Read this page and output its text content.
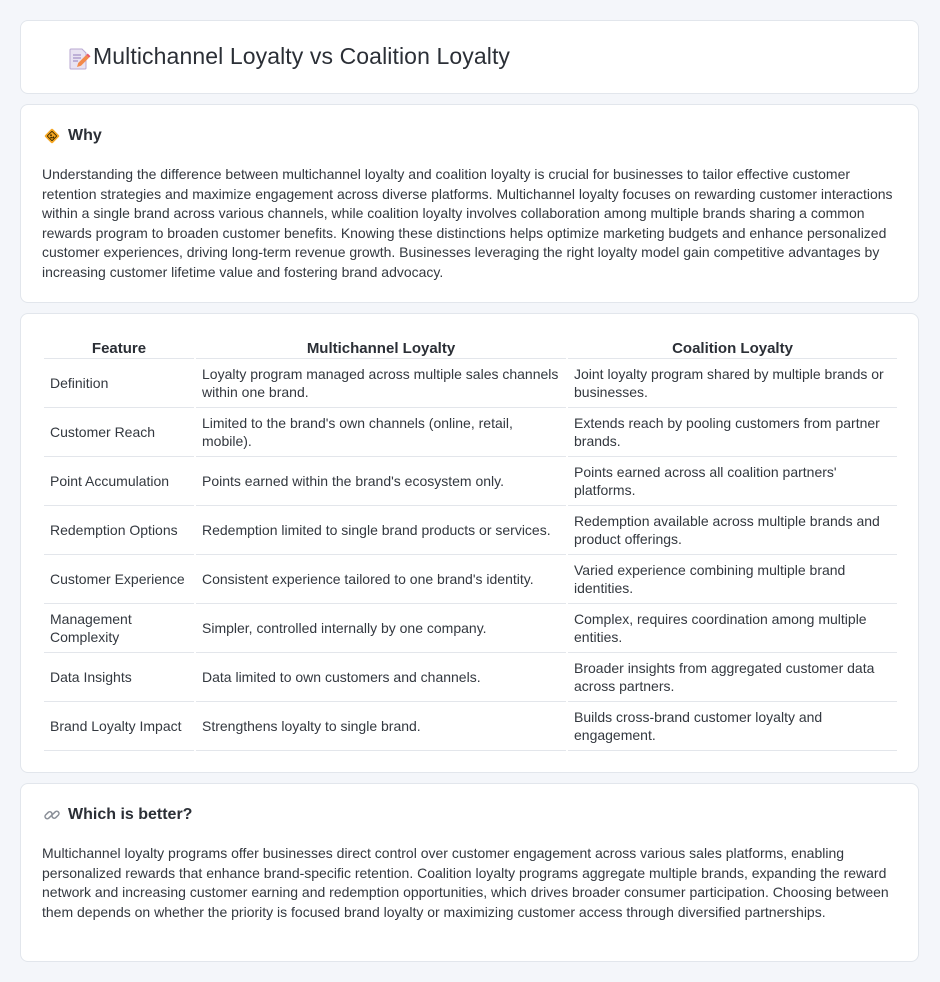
Multichannel Loyalty vs Coalition Loyalty
Why

Understanding the difference between multichannel loyalty and coalition loyalty is crucial for businesses to tailor effective customer retention strategies and maximize engagement across diverse platforms. Multichannel loyalty focuses on rewarding customer interactions within a single brand across various channels, while coalition loyalty involves collaboration among multiple brands sharing a common rewards program to broaden customer benefits. Knowing these distinctions helps optimize marketing budgets and enhance personalized customer experiences, driving long-term revenue growth. Businesses leveraging the right loyalty model gain competitive advantages by increasing customer lifetime value and fostering brand advocacy.

Feature	Multichannel Loyalty	Coalition Loyalty
Definition	Loyalty program managed across multiple sales channels within one brand.	Joint loyalty program shared by multiple brands or businesses.
Customer Reach	Limited to the brand's own channels (online, retail, mobile).	Extends reach by pooling customers from partner brands.
Point Accumulation	Points earned within the brand's ecosystem only.	Points earned across all coalition partners' platforms.
Redemption Options	Redemption limited to single brand products or services.	Redemption available across multiple brands and product offerings.
Customer Experience	Consistent experience tailored to one brand's identity.	Varied experience combining multiple brand identities.
Management Complexity	Simpler, controlled internally by one company.	Complex, requires coordination among multiple entities.
Data Insights	Data limited to own customers and channels.	Broader insights from aggregated customer data across partners.
Brand Loyalty Impact	Strengthens loyalty to single brand.	Builds cross-brand customer loyalty and engagement.
Which is better?

Multichannel loyalty programs offer businesses direct control over customer engagement across various sales platforms, enabling personalized rewards that enhance brand-specific retention. Coalition loyalty programs aggregate multiple brands, expanding the reward network and increasing customer earning and redemption opportunities, which drives broader consumer participation. Choosing between them depends on whether the priority is focused brand loyalty or maximizing customer access through diversified partnerships.
